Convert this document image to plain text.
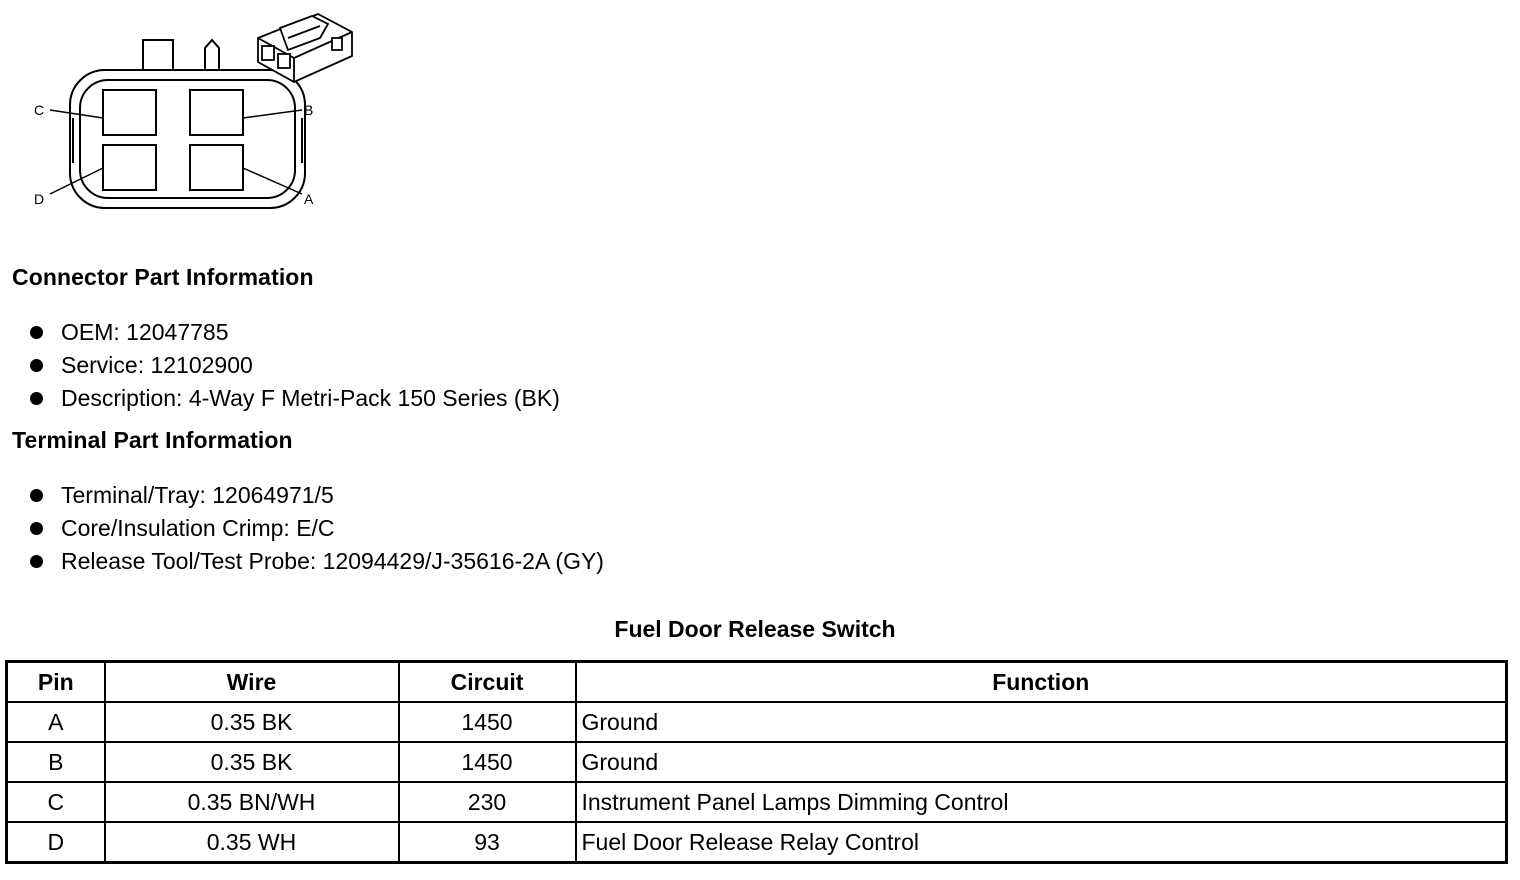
C	B
D	A
Connector Part Information
OEM: 12047785
Service: 12102900
Description: 4-Way F Metri-Pack 150 Series (BK)
Terminal Part Information
Terminal/Tray: 12064971/5
Core/Insulation Crimp: E/C
Release Tool/Test Probe: 12094429/J-35616-2A (GY)
Fuel Door Release Switch
Pin	Wire	Circuit	Function
A	0.35 BK	1450	Ground
B	0.35 BK	1450	Ground
C	0.35 BN/WH	230	Instrument Panel Lamps Dimming Control
D	0.35 WH	93	Fuel Door Release Relay Control
